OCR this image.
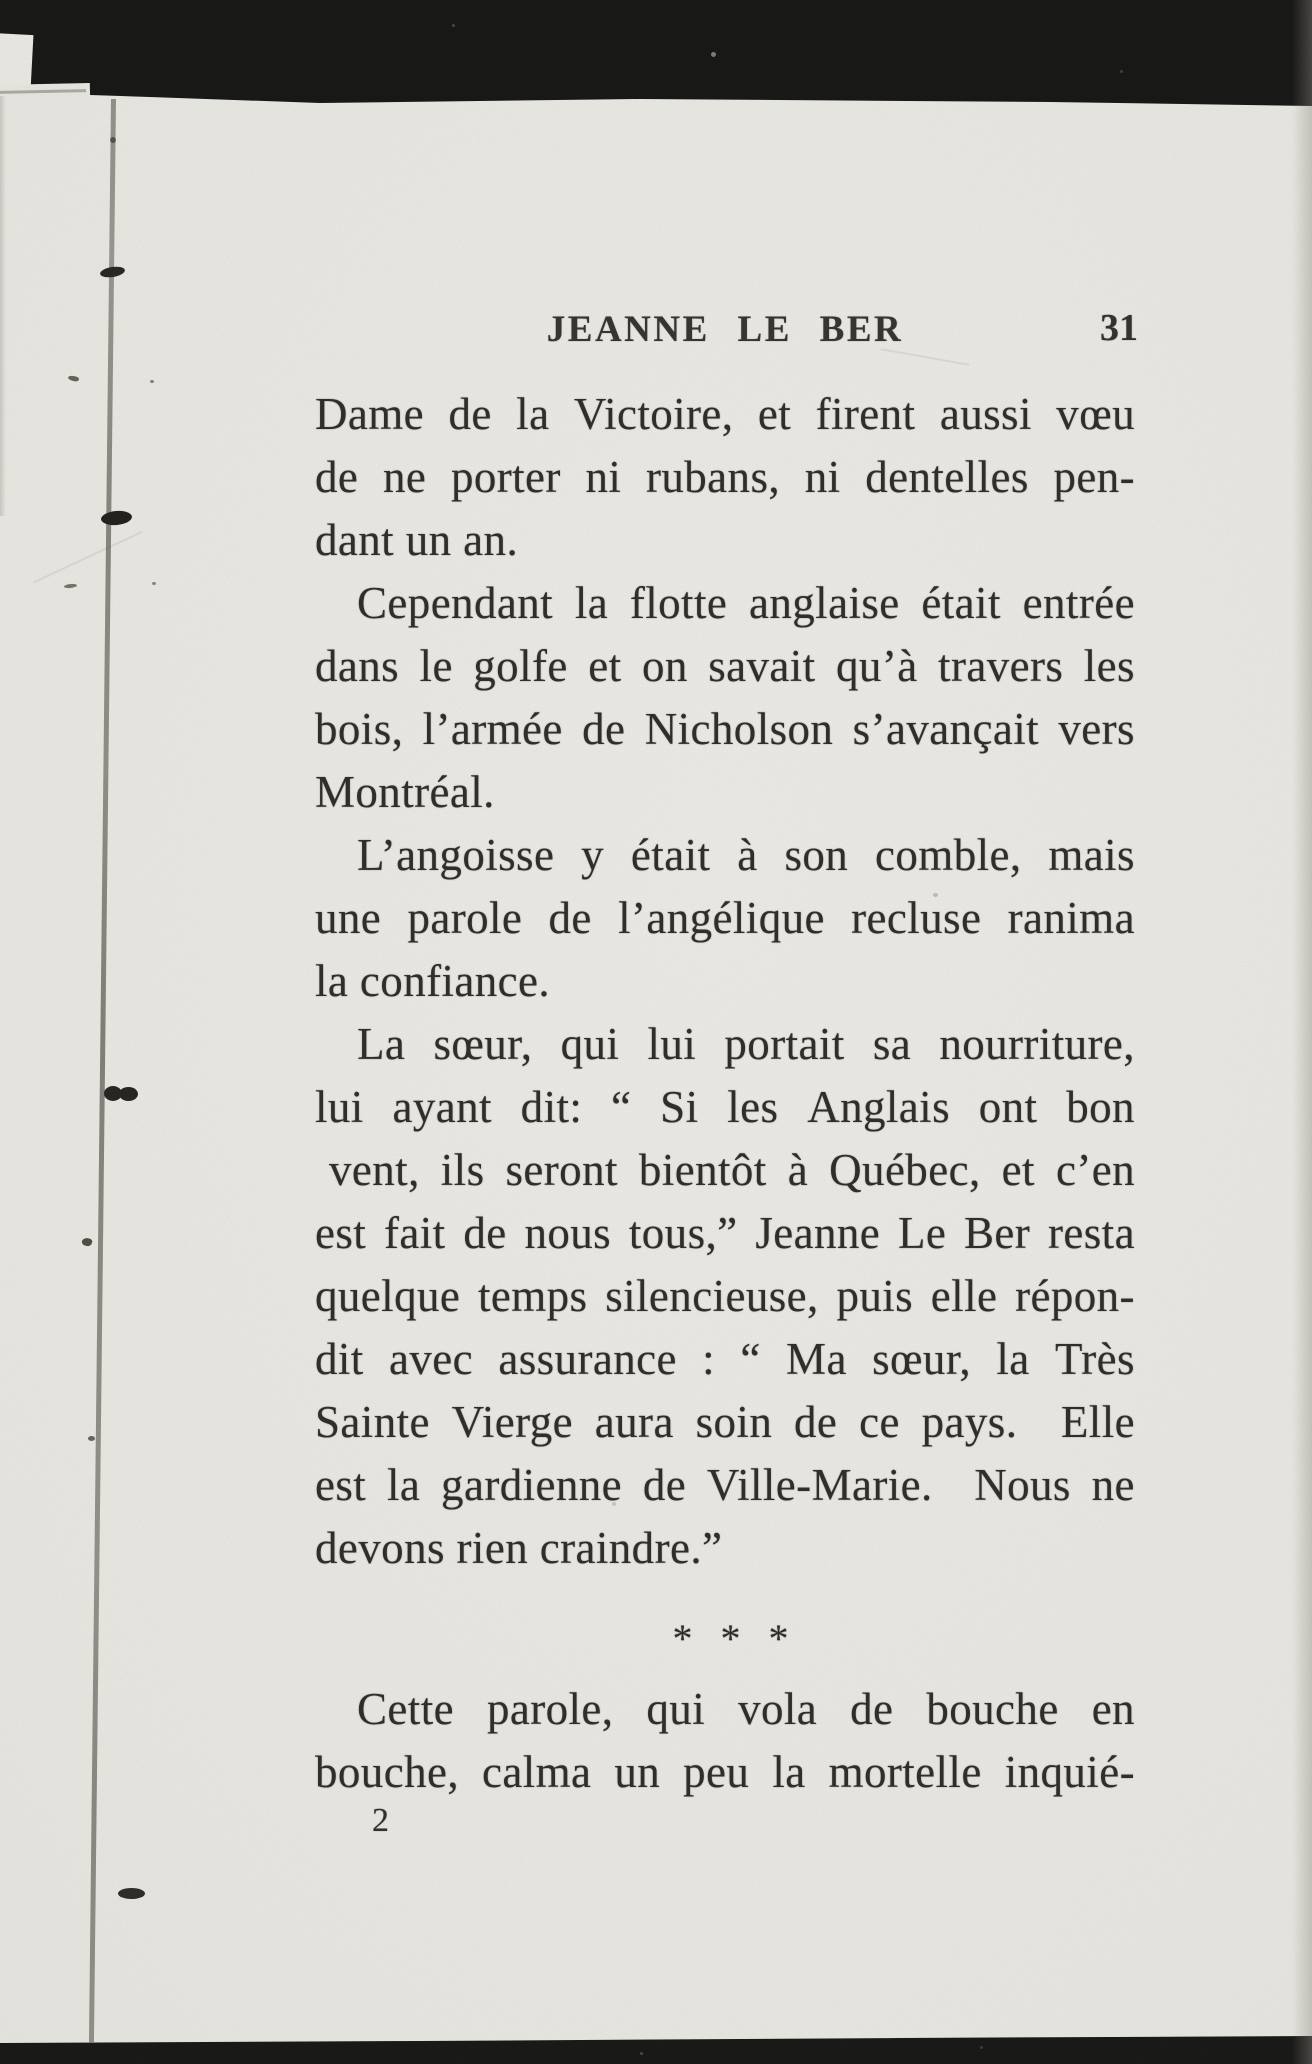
JEANNE LE BER	31
Dame de la Victoire, et firent aussi vœu
de ne porter ni rubans, ni dentelles pen-
dant un an.
Cependant la flotte anglaise était entrée
dans le golfe et on savait qu’à travers les
bois, l’armée de Nicholson s’avançait vers
Montréal.
L’angoisse y était à son comble, mais
une parole de l’angélique recluse ranima
la confiance.
La sœur, qui lui portait sa nourriture,
lui ayant dit: “ Si les Anglais ont bon
vent, ils seront bientôt à Québec, et c’en
est fait de nous tous,” Jeanne Le Ber resta
quelque temps silencieuse, puis elle répon-
dit avec assurance : “ Ma sœur, la Très
Sainte Vierge aura soin de ce pays. Elle
est la gardienne de Ville-Marie. Nous ne
devons rien craindre.”
* * *
Cette parole, qui vola de bouche en
bouche, calma un peu la mortelle inquié-
2
